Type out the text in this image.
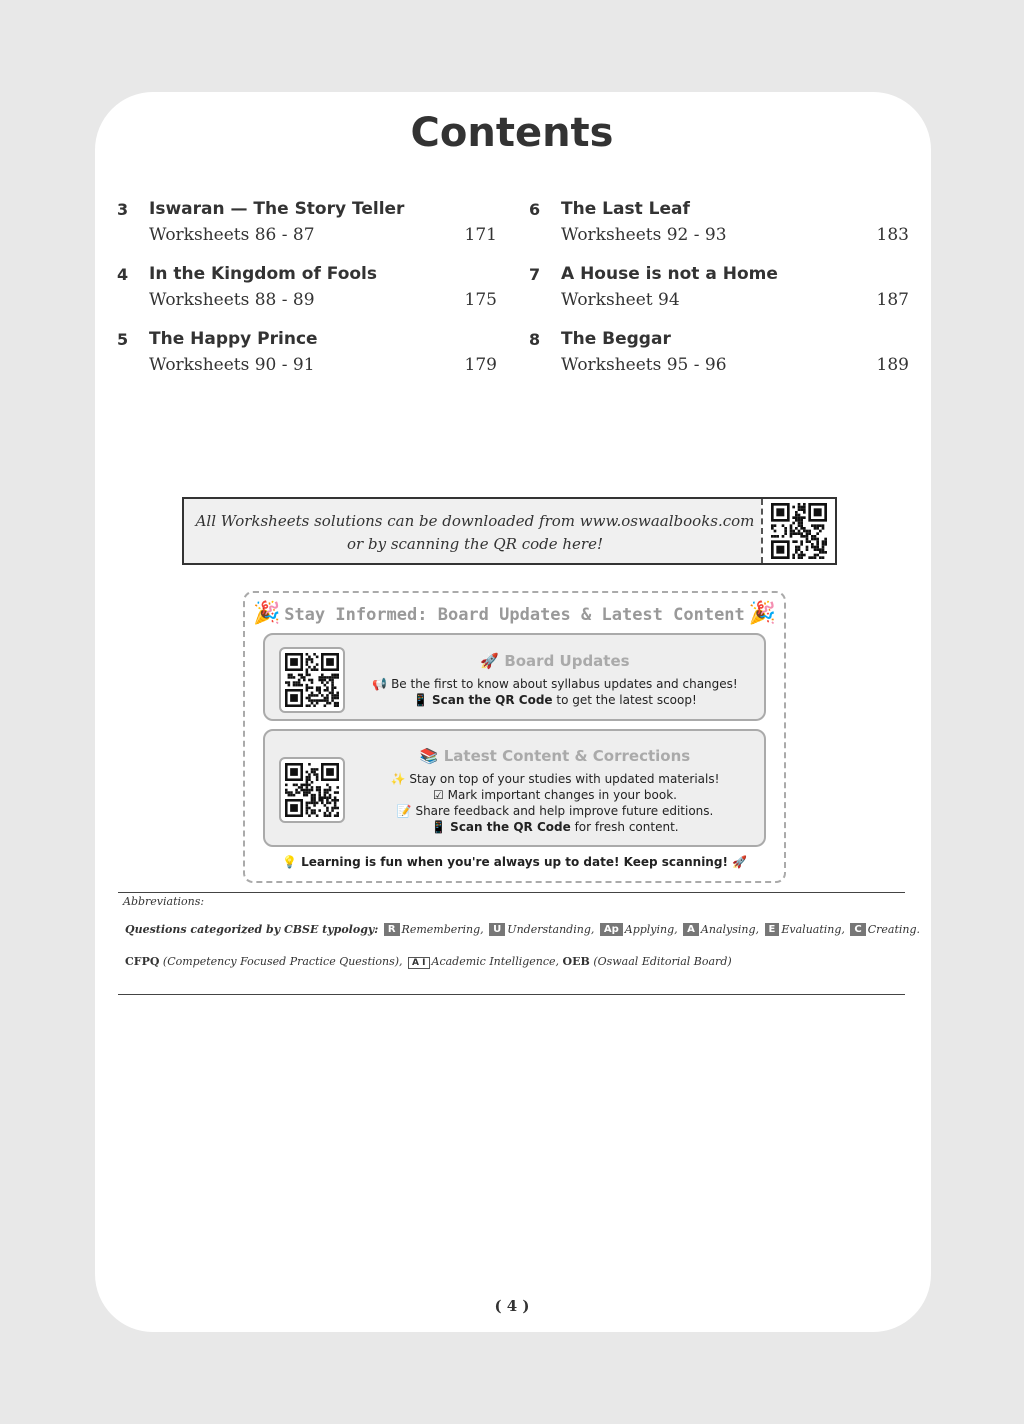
Contents
3 Iswaran — The Story Teller
Worksheets 86 - 87	171
4 In the Kingdom of Fools
Worksheets 88 - 89	175
5 The Happy Prince
Worksheets 90 - 91	179
6 The Last Leaf
Worksheets 92 - 93	183
7 A House is not a Home
Worksheet 94	187
8 The Beggar
Worksheets 95 - 96	189
All Worksheets solutions can be downloaded from www.oswaalbooks.com
or by scanning the QR code here!
🎉 Stay Informed: Board Updates & Latest Content 🎉
🚀 Board Updates
📢 Be the first to know about syllabus updates and changes!
📱 Scan the QR Code to get the latest scoop!
📚 Latest Content & Corrections
✨ Stay on top of your studies with updated materials!
☑ Mark important changes in your book.
📝 Share feedback and help improve future editions.
📱 Scan the QR Code for fresh content.
💡 Learning is fun when you're always up to date! Keep scanning! 🚀
Abbreviations:
Questions categorized by CBSE typology: R Remembering, U Understanding, Ap Applying, A Analysing, E Evaluating, C Creating.
CFPQ (Competency Focused Practice Questions), A I Academic Intelligence, OEB (Oswaal Editorial Board)
( 4 )
